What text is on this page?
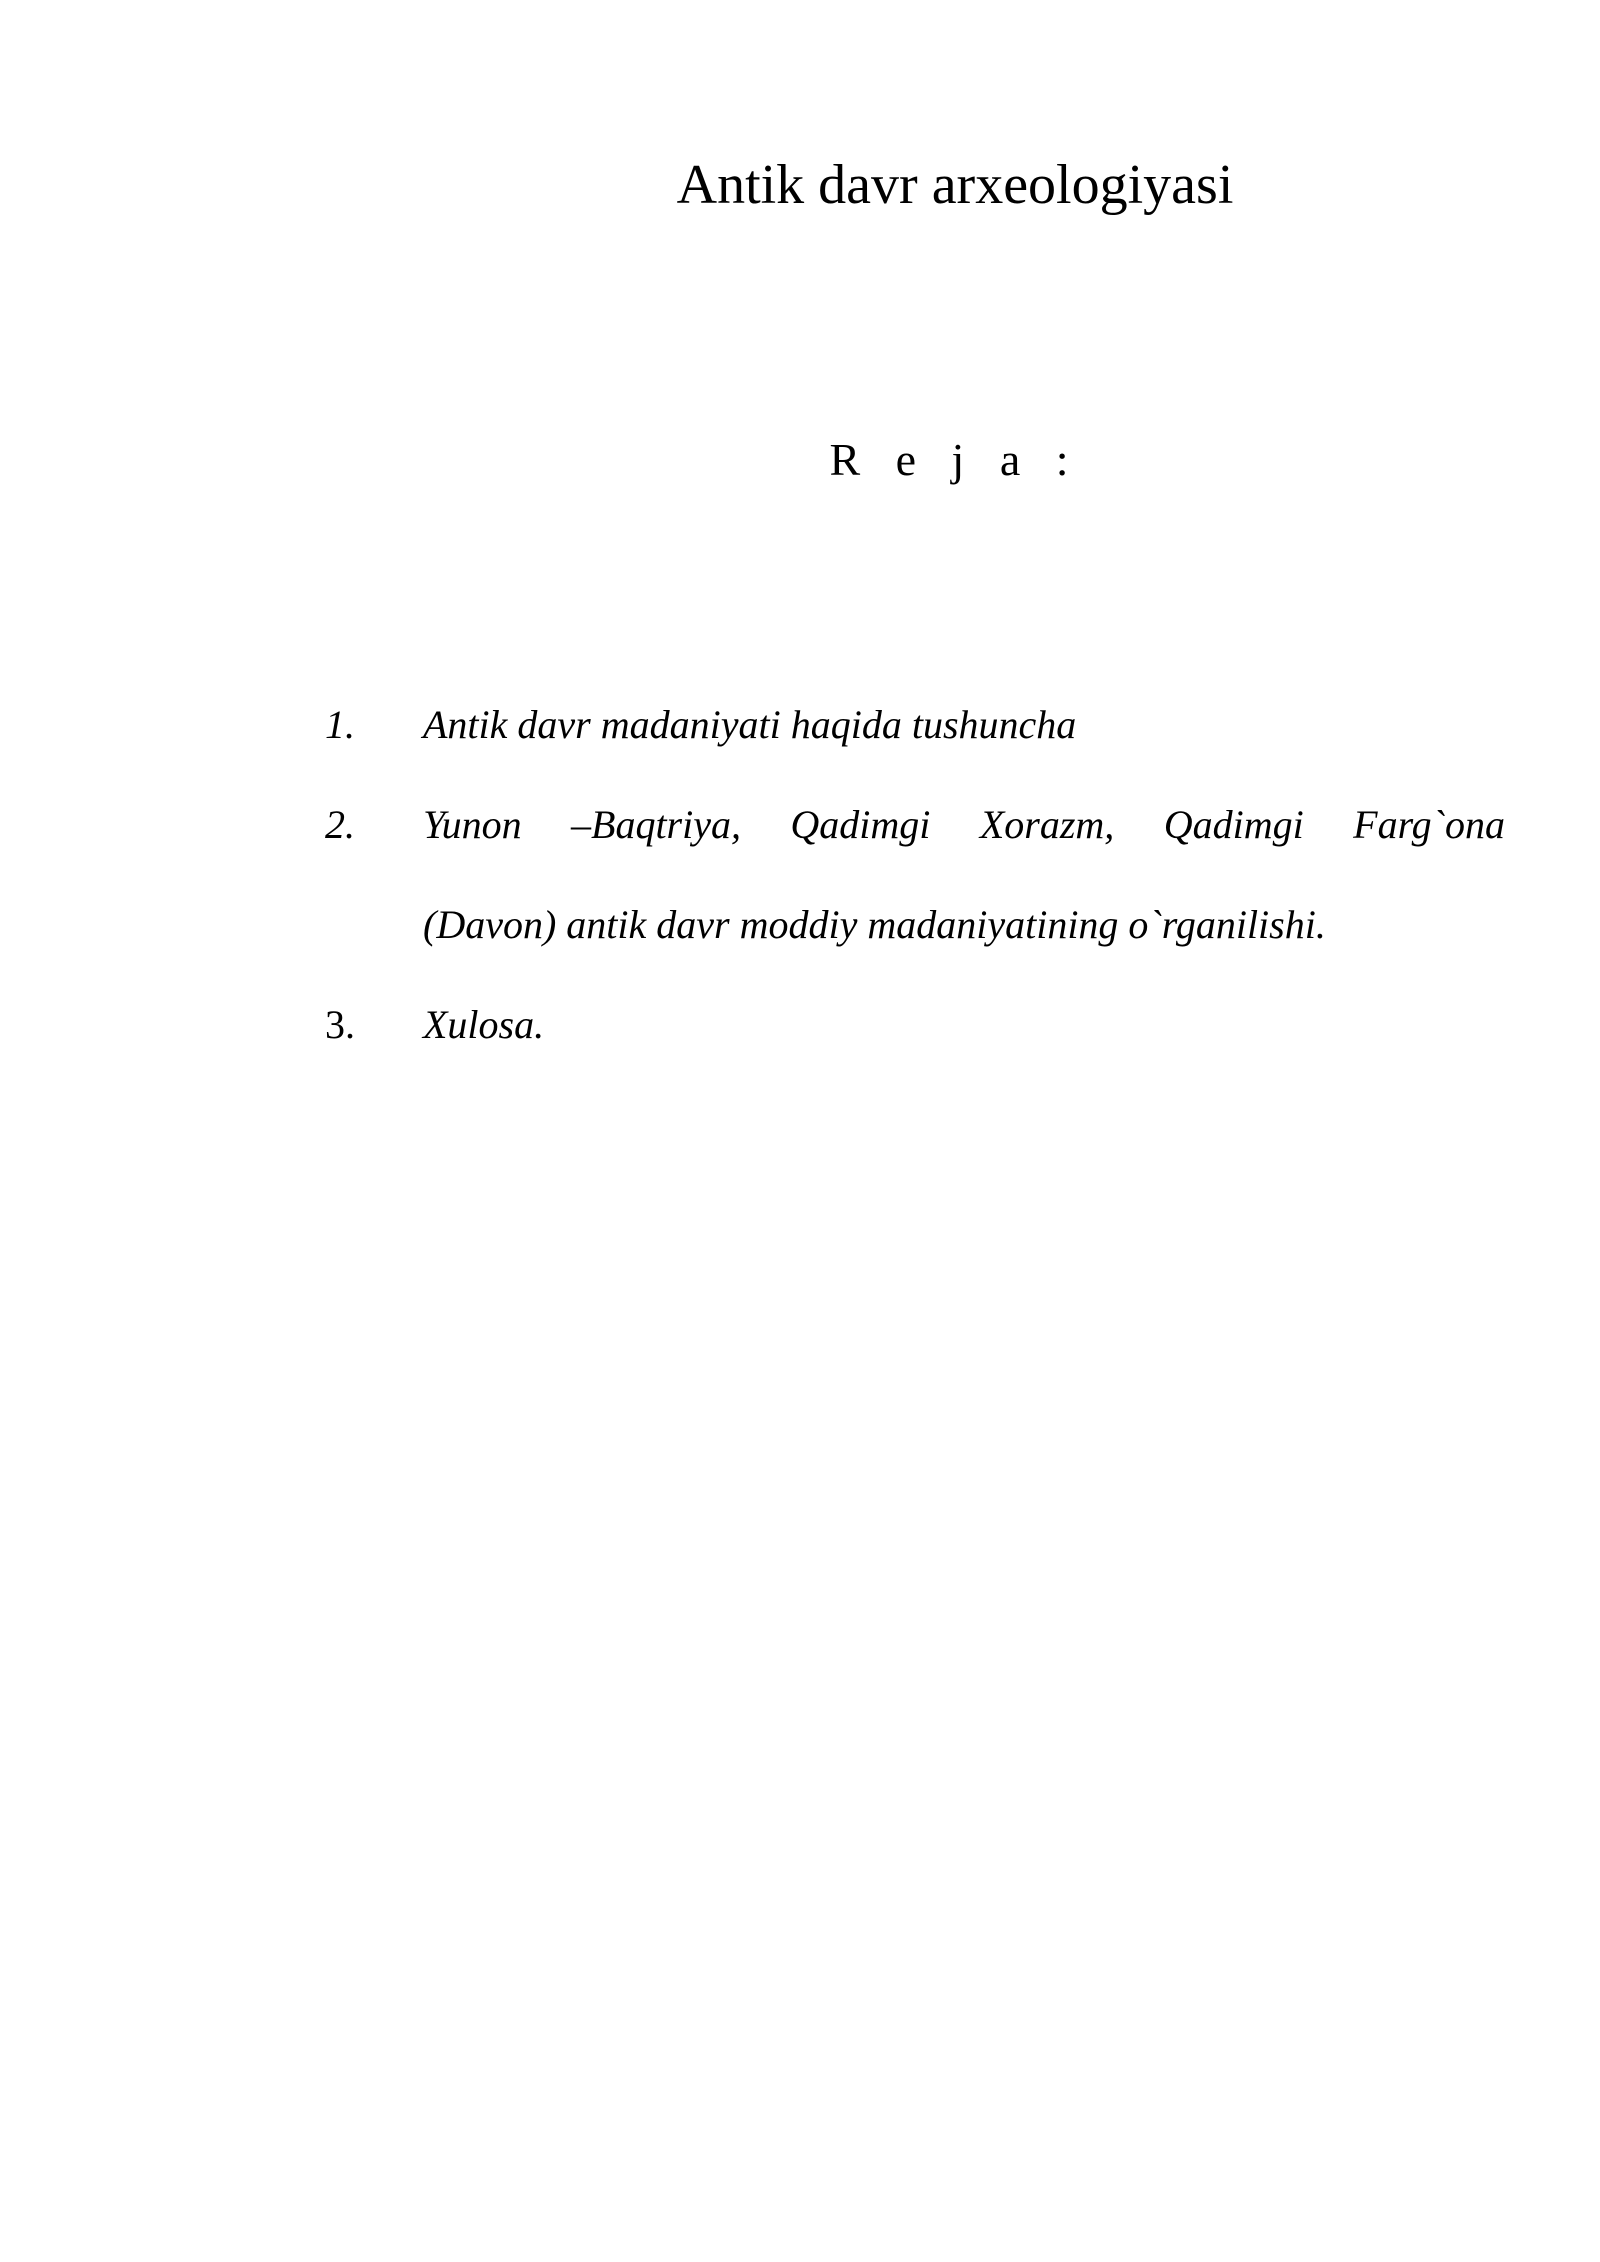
Antik davr arxeologiyasi
R e j a :
1. Antik davr madaniyati haqida tushuncha
2. Yunon –Baqtriya, Qadimgi Xorazm, Qadimgi Farg`ona
(Davon) antik davr moddiy madaniyatining o`rganilishi.
3. Xulosa.
